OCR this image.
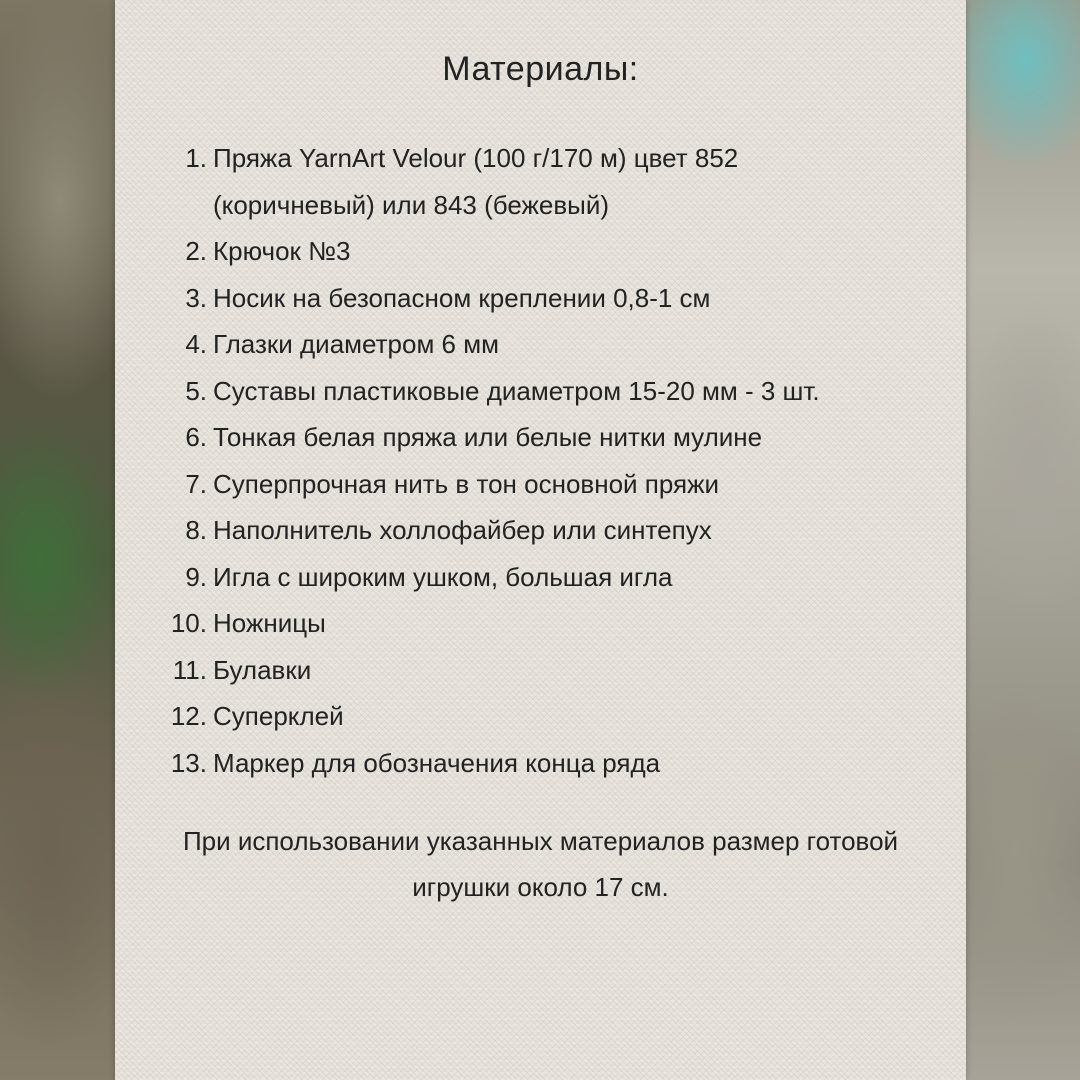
Материалы:
1. Пряжа YarnArt Velour (100 г/170 м) цвет 852 (коричневый) или 843 (бежевый)
2. Крючок №3
3. Носик на безопасном креплении 0,8-1 см
4. Глазки диаметром 6 мм
5. Суставы пластиковые диаметром 15-20 мм - 3 шт.
6. Тонкая белая пряжа или белые нитки мулине
7. Суперпрочная нить в тон основной пряжи
8. Наполнитель холлофайбер или синтепух
9. Игла с широким ушком, большая игла
10. Ножницы
11. Булавки
12. Суперклей
13. Маркер для обозначения конца ряда
При использовании указанных материалов размер готовой игрушки около 17 см.
